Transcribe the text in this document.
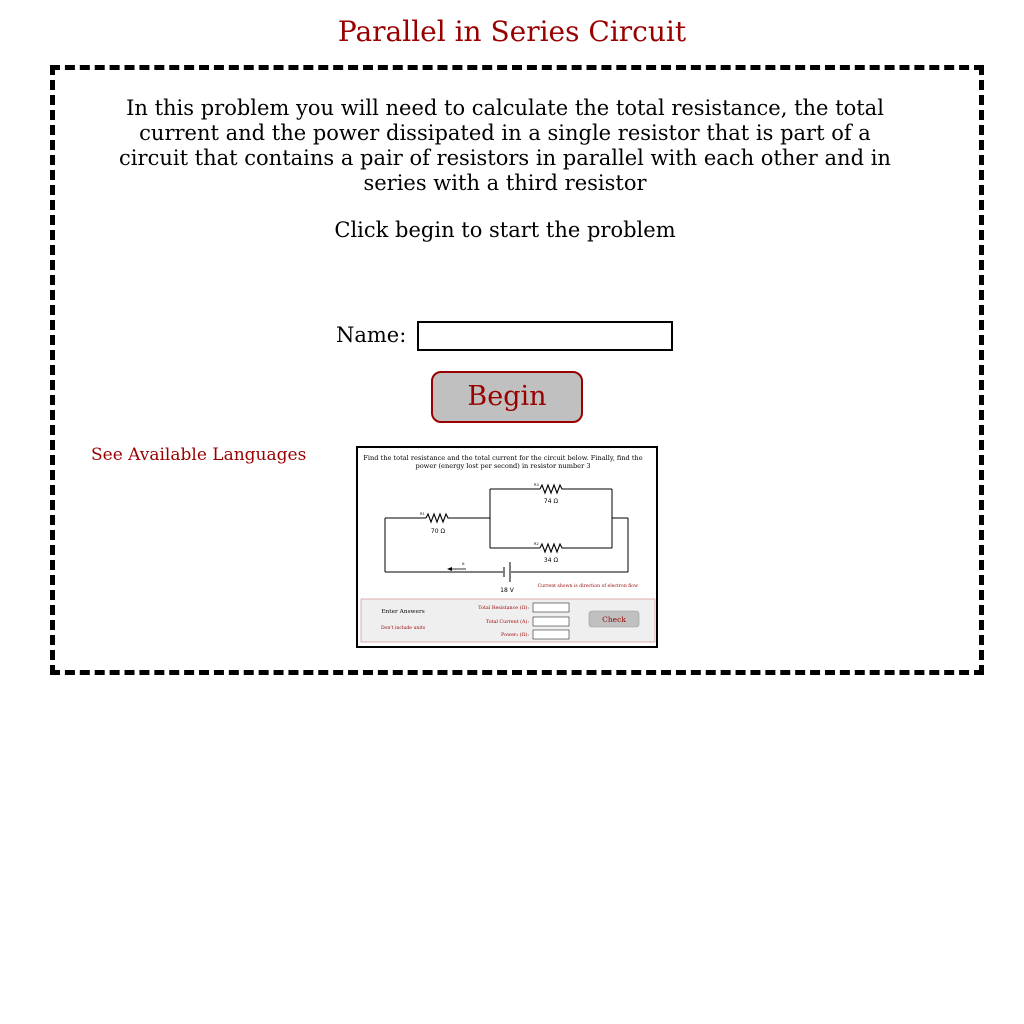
Parallel in Series Circuit

In this problem you will need to calculate the total resistance, the total current and the power dissipated in a single resistor that is part of a circuit that contains a pair of resistors in parallel with each other and in series with a third resistor

Click begin to start the problem

Name:
Begin
See Available Languages	Find the total resistance and the total current for the circuit below. Finally, find the
power (energy lost per second) in resistor number 3
R3
74 Ω
R1
70 Ω
R2
34 Ω
18 V
It
Current shown is direction of electron flow
Enter Answers
Don't include units
Total Resistance (Ω):
Total Current (A):
Power₃ (Ω):
Check
